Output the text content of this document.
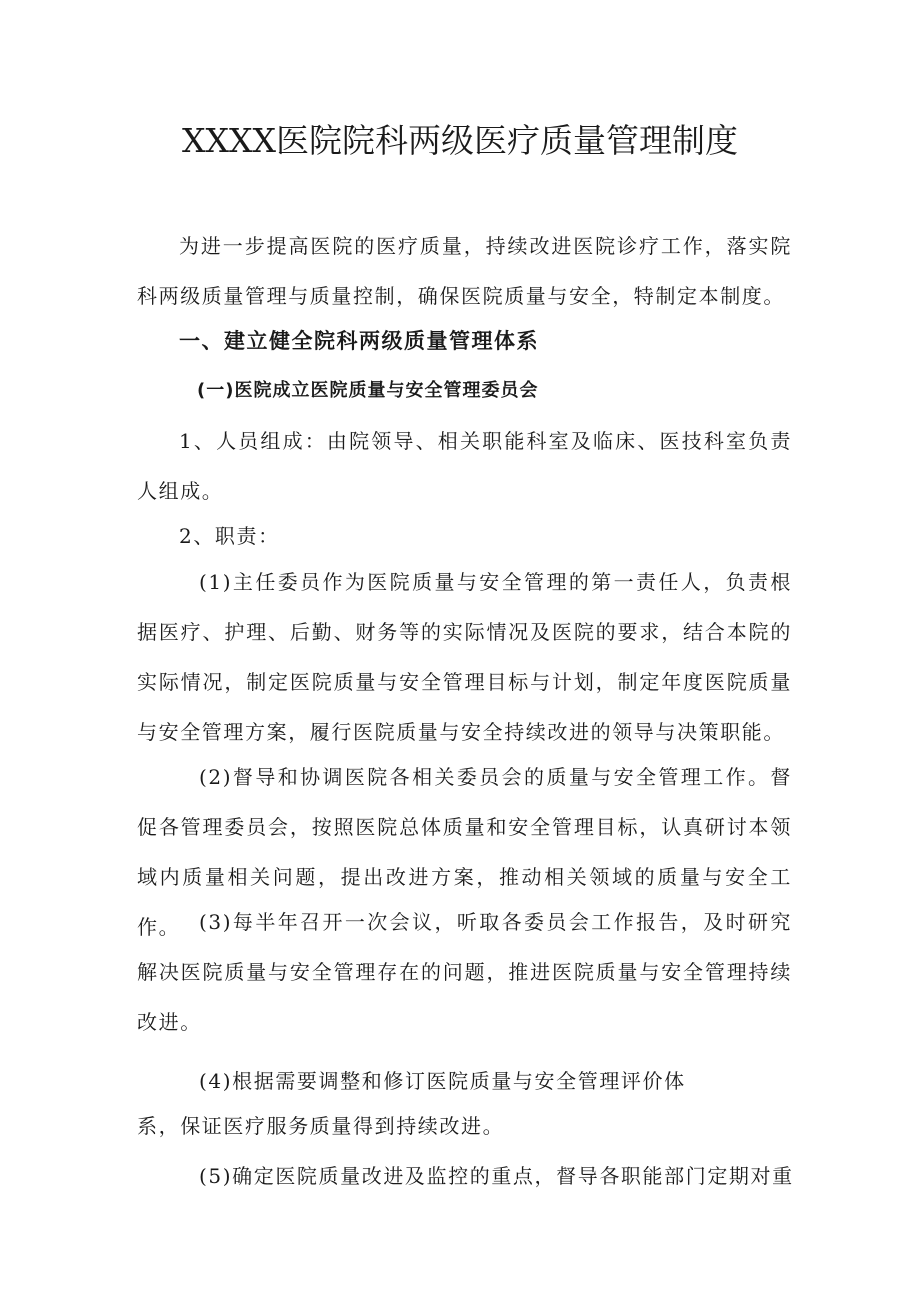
XXXX医院院科两级医疗质量管理制度

为进一步提高医院的医疗质量，持续改进医院诊疗工作，落实院科两级质量管理与质量控制，确保医院质量与安全，特制定本制度。

一、建立健全院科两级质量管理体系

(一)医院成立医院质量与安全管理委员会

1、人员组成：由院领导、相关职能科室及临床、医技科室负责人组成。

2、职责：

(1)主任委员作为医院质量与安全管理的第一责任人，负责根据医疗、护理、后勤、财务等的实际情况及医院的要求，结合本院的实际情况，制定医院质量与安全管理目标与计划，制定年度医院质量与安全管理方案，履行医院质量与安全持续改进的领导与决策职能。

(2)督导和协调医院各相关委员会的质量与安全管理工作。督促各管理委员会，按照医院总体质量和安全管理目标，认真研讨本领域内质量相关问题，提出改进方案，推动相关领域的质量与安全工作。 (3)每半年召开一次会议，听取各委员会工作报告，及时研究解决医院质量与安全管理存在的问题，推进医院质量与安全管理持续改进。

(4)根据需要调整和修订医院质量与安全管理评价体

系，保证医疗服务质量得到持续改进。

(5)确定医院质量改进及监控的重点，督导各职能部门定期对重
